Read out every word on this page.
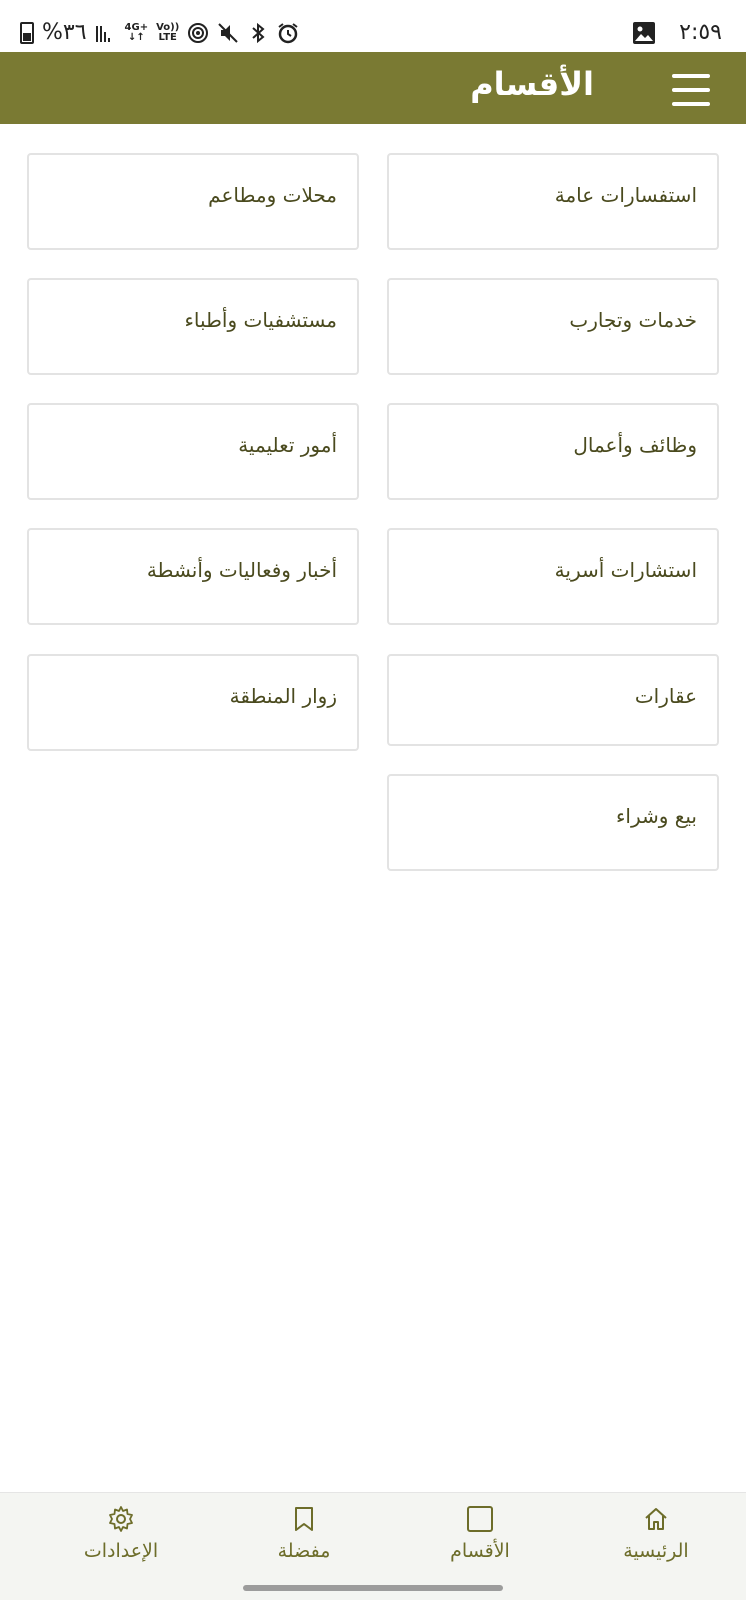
%٣٦	4G+
↓↑
Vo))
LTE	٢:٥٩
الأقسام
استفسارات عامة
محلات ومطاعم
خدمات وتجارب
مستشفيات وأطباء
وظائف وأعمال
أمور تعليمية
استشارات أسرية
أخبار وفعاليات وأنشطة
عقارات
زوار المنطقة
بيع وشراء
الرئيسية
الأقسام
مفضلة
الإعدادات
